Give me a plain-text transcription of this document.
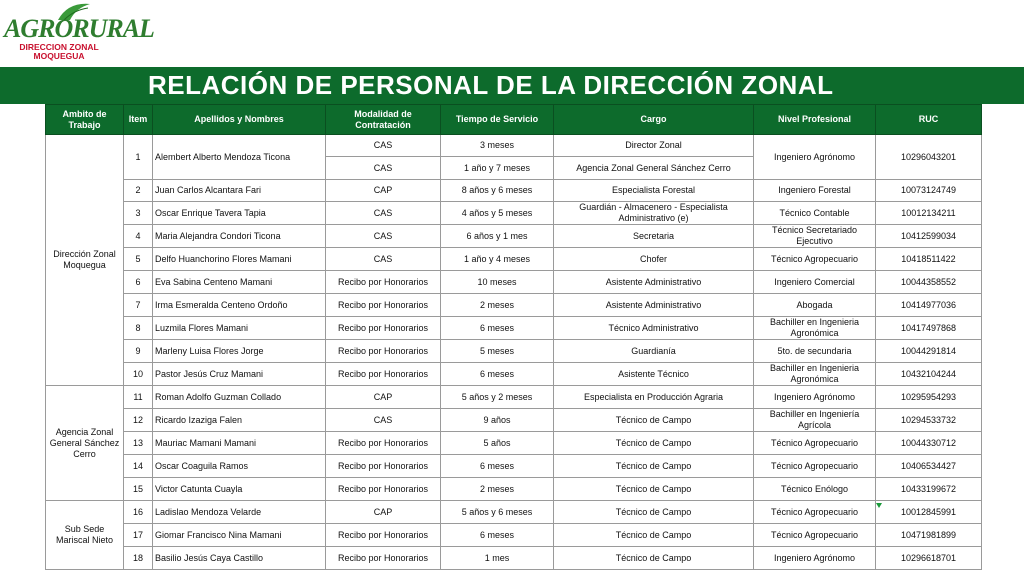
AGRORURAL
DIRECCION ZONAL
MOQUEGUA
RELACIÓN DE PERSONAL DE LA DIRECCIÓN ZONAL
Ambito de Trabajo	Item	Apellidos y Nombres	Modalidad de Contratación	Tiempo de Servicio	Cargo	Nivel Profesional	RUC
Dirección Zonal Moquegua	1	Alembert Alberto Mendoza Ticona	CAS	3 meses	Director Zonal	Ingeniero Agrónomo	10296043201
			CAS	1 año y 7 meses	Agencia Zonal General Sánchez Cerro		
	2	Juan Carlos Alcantara Fari	CAP	8 años y 6 meses	Especialista Forestal	Ingeniero Forestal	10073124749
	3	Oscar Enrique Tavera Tapia	CAS	4 años y 5 meses	Guardián - Almacenero - Especialista Administrativo (e)	Técnico Contable	10012134211
	4	Maria Alejandra Condori Ticona	CAS	6 años y 1 mes	Secretaria	Técnico Secretariado Ejecutivo	10412599034
	5	Delfo Huanchorino Flores Mamani	CAS	1 año y 4 meses	Chofer	Técnico Agropecuario	10418511422
	6	Eva Sabina Centeno Mamani	Recibo por Honorarios	10 meses	Asistente Administrativo	Ingeniero Comercial	10044358552
	7	Irma Esmeralda Centeno Ordoño	Recibo por Honorarios	2 meses	Asistente Administrativo	Abogada	10414977036
	8	Luzmila Flores Mamani	Recibo por Honorarios	6 meses	Técnico Administrativo	Bachiller en Ingenieria Agronómica	10417497868
	9	Marleny Luisa Flores Jorge	Recibo por Honorarios	5 meses	Guardianía	5to. de secundaria	10044291814
	10	Pastor Jesús Cruz Mamani	Recibo por Honorarios	6 meses	Asistente Técnico	Bachiller en Ingenieria Agronómica	10432104244
Agencia Zonal General Sánchez Cerro	11	Roman Adolfo Guzman Collado	CAP	5 años y 2 meses	Especialista en Producción Agraria	Ingeniero Agrónomo	10295954293
	12	Ricardo Izaziga Falen	CAS	9 años	Técnico de Campo	Bachiller en Ingeniería Agrícola	10294533732
	13	Mauriac Mamani Mamani	Recibo por Honorarios	5 años	Técnico de Campo	Técnico Agropecuario	10044330712
	14	Oscar Coaguila Ramos	Recibo por Honorarios	6 meses	Técnico de Campo	Técnico Agropecuario	10406534427
	15	Victor Catunta Cuayla	Recibo por Honorarios	2 meses	Técnico de Campo	Técnico Enólogo	10433199672
Sub Sede Mariscal Nieto	16	Ladislao Mendoza Velarde	CAP	5 años y 6 meses	Técnico de Campo	Técnico Agropecuario	10012845991
	17	Giomar Francisco Nina Mamani	Recibo por Honorarios	6 meses	Técnico de Campo	Técnico Agropecuario	10471981899
	18	Basilio Jesús Caya Castillo	Recibo por Honorarios	1 mes	Técnico de Campo	Ingeniero Agrónomo	10296618701
